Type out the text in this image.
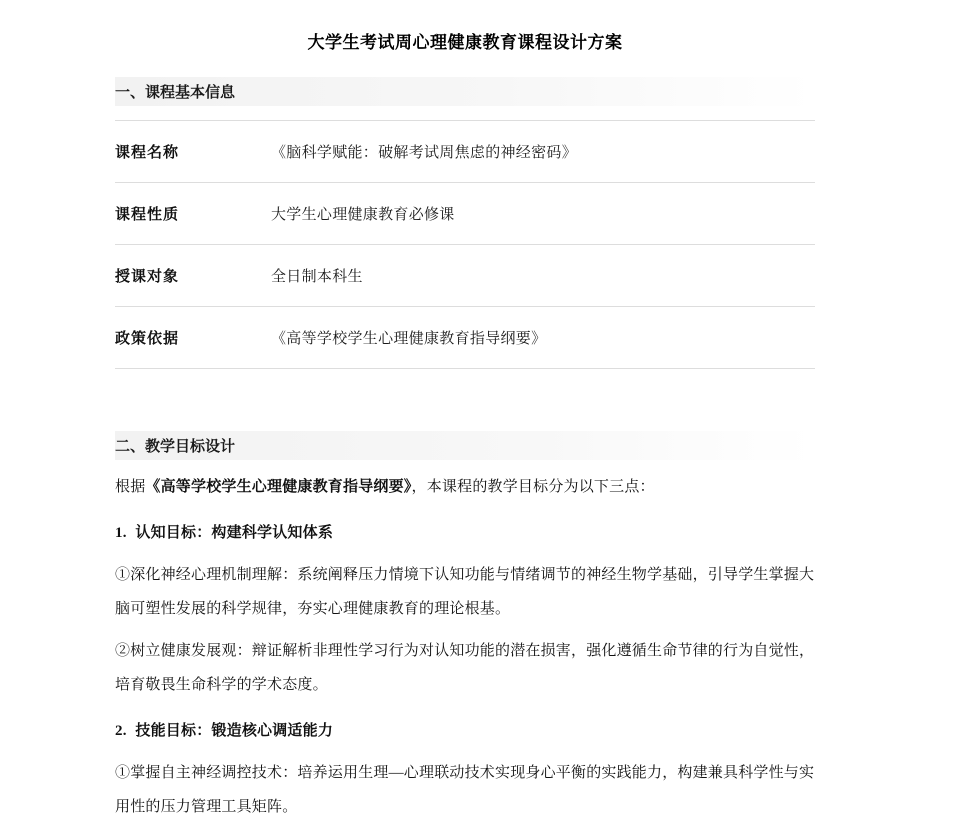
大学生考试周心理健康教育课程设计方案
一、课程基本信息
课程名称	《脑科学赋能：破解考试周焦虑的神经密码》
课程性质	大学生心理健康教育必修课
授课对象	全日制本科生
政策依据	《高等学校学生心理健康教育指导纲要》
二、教学目标设计

根据《高等学校学生心理健康教育指导纲要》，本课程的教学目标分为以下三点：

1. 认知目标：构建科学认知体系

①深化神经心理机制理解：系统阐释压力情境下认知功能与情绪调节的神经生物学基础，引导学生掌握大脑可塑性发展的科学规律，夯实心理健康教育的理论根基。

②树立健康发展观：辩证解析非理性学习行为对认知功能的潜在损害，强化遵循生命节律的行为自觉性，培育敬畏生命科学的学术态度。

2. 技能目标：锻造核心调适能力

①掌握自主神经调控技术：培养运用生理—心理联动技术实现身心平衡的实践能力，构建兼具科学性与实用性的压力管理工具矩阵。
